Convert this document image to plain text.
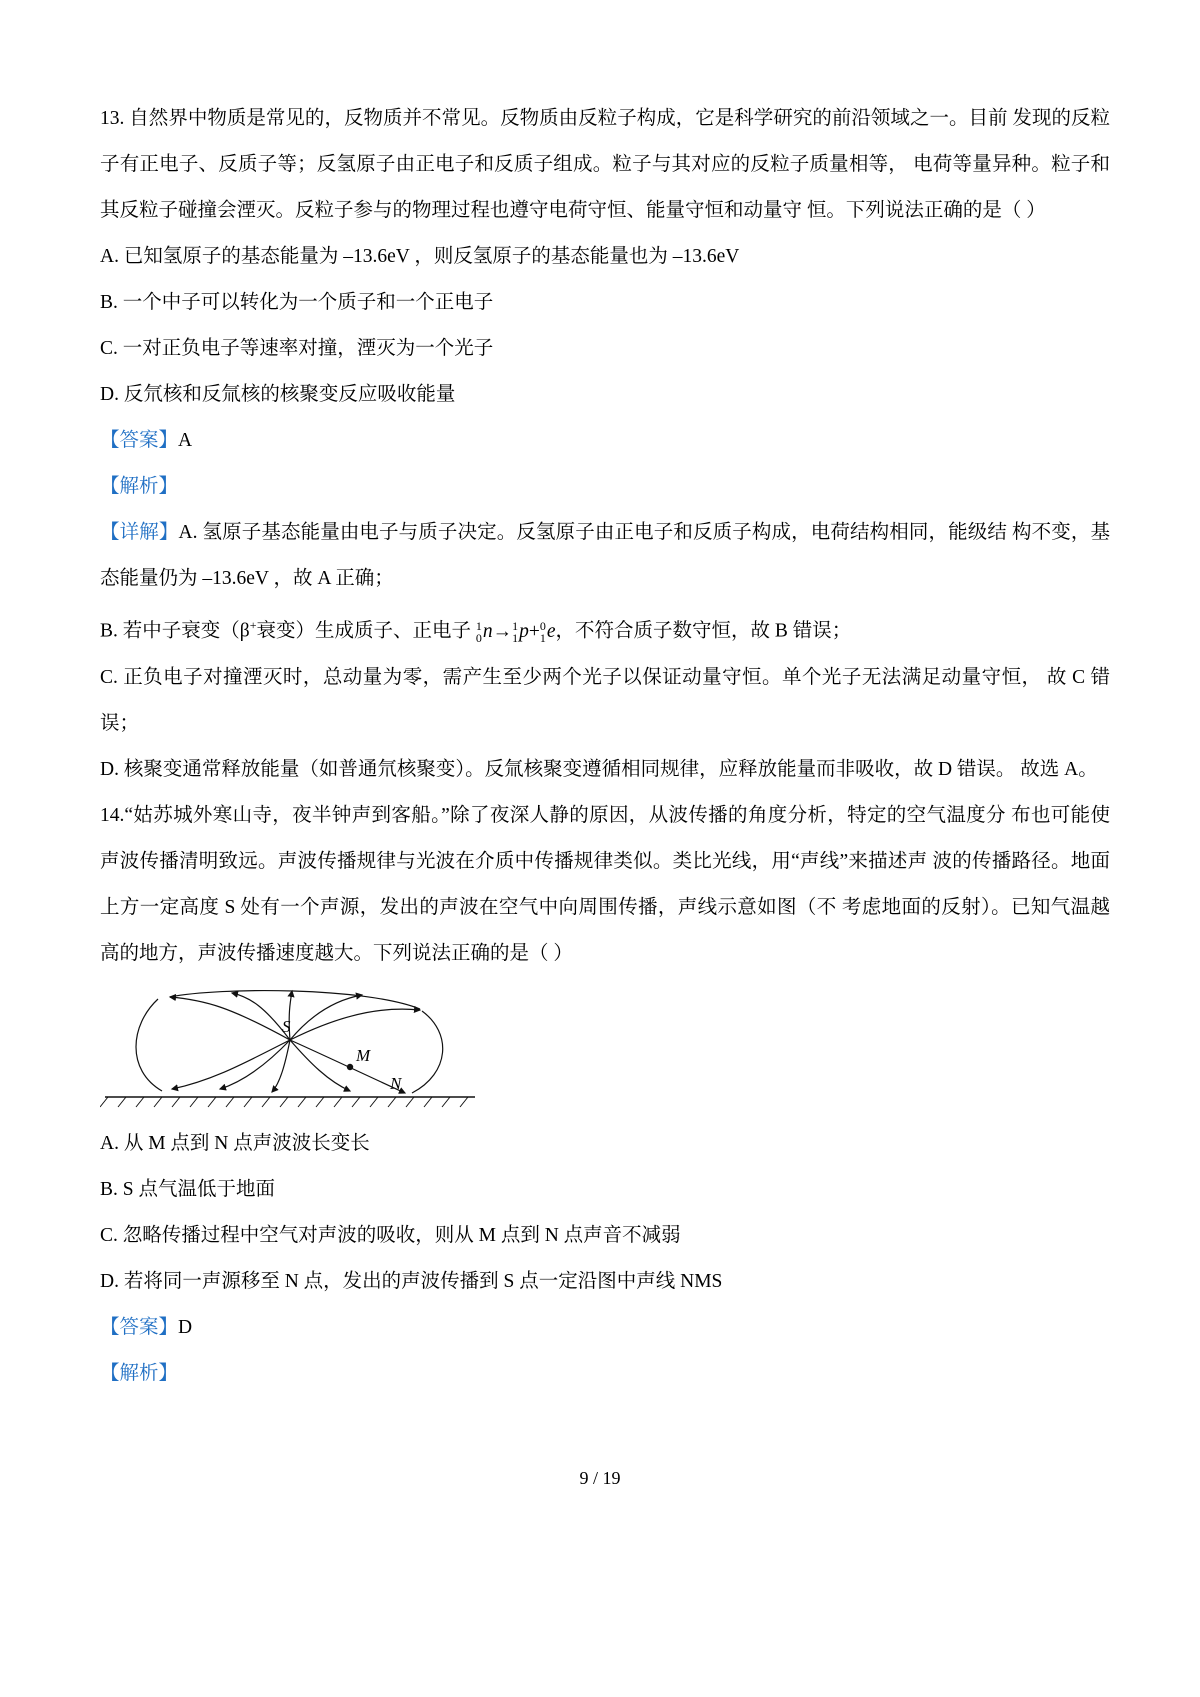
13. 自然界中物质是常见的，反物质并不常见。反物质由反粒子构成，它是科学研究的前沿领域之一。目前 发现的反粒子有正电子、反质子等；反氢原子由正电子和反质子组成。粒子与其对应的反粒子质量相等， 电荷等量异种。粒子和其反粒子碰撞会湮灭。反粒子参与的物理过程也遵守电荷守恒、能量守恒和动量守 恒。下列说法正确的是（ ）

A. 已知氢原子的基态能量为 –13.6eV ，则反氢原子的基态能量也为 –13.6eV

B. 一个中子可以转化为一个质子和一个正电子

C. 一对正负电子等速率对撞，湮灭为一个光子

D. 反氘核和反氚核的核聚变反应吸收能量

【答案】A

【解析】

【详解】A. 氢原子基态能量由电子与质子决定。反氢原子由正电子和反质子构成，电荷结构相同，能级结 构不变，基态能量仍为 –13.6eV ，故 A 正确；

B. 若中子衰变（β+衰变）生成质子、正电子 1
0 n→ 1
1 p+ 0
1 e，不符合质子数守恒，故 B 错误；

C. 正负电子对撞湮灭时，总动量为零，需产生至少两个光子以保证动量守恒。单个光子无法满足动量守恒， 故 C 错误；

D. 核聚变通常释放能量（如普通氘核聚变）。反氚核聚变遵循相同规律，应释放能量而非吸收，故 D 错误。 故选 A。

14.“姑苏城外寒山寺，夜半钟声到客船。”除了夜深人静的原因，从波传播的角度分析，特定的空气温度分 布也可能使声波传播清明致远。声波传播规律与光波在介质中传播规律类似。类比光线，用“声线”来描述声 波的传播路径。地面上方一定高度 S 处有一个声源，发出的声波在空气中向周围传播，声线示意如图（不 考虑地面的反射）。已知气温越高的地方，声波传播速度越大。下列说法正确的是（ ）

S
M
N

A. 从 M 点到 N 点声波波长变长

B. S 点气温低于地面

C. 忽略传播过程中空气对声波的吸收，则从 M 点到 N 点声音不减弱

D. 若将同一声源移至 N 点，发出的声波传播到 S 点一定沿图中声线 NMS

【答案】D

【解析】

9 / 19
